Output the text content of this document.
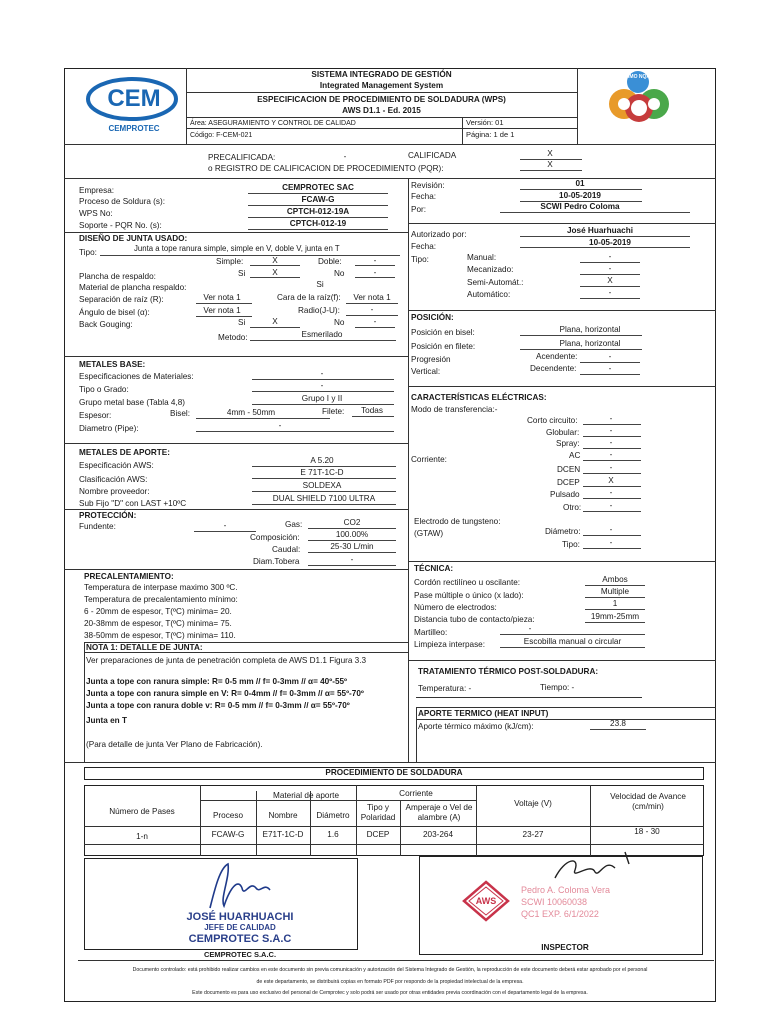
CEM
CEMPROTEC
SISTEMA INTEGRADO DE GESTIÓN
Integrated Management System
ESPECIFICACION DE PROCEDIMIENTO DE SOLDADURA (WPS)
AWS D1.1 - Ed. 2015
Área: ASEGURAMIENTO Y CONTROL DE CALIDAD
Código: F-CEM-021
Versión: 01
Página: 1 de 1
IMO NQA
PRECALIFICADA:	-	CALIFICADA	X
o REGISTRO DE CALIFICACION DE PROCEDIMIENTO (PQR):	X
Empresa:	CEMPROTEC SAC
Proceso de Soldura (s):	FCAW-G
WPS No:	CPTCH-012-19A
Soporte - PQR No. (s):	CPTCH-012-19
Revisión:	01
Fecha:	10-05-2019
Por:	SCWI Pedro Coloma
Autorizado por:	José Huarhuachi
Fecha:	10-05-2019
DISEÑO DE JUNTA USADO:
Tipo:	Junta a tope ranura simple, simple en V, doble V, junta en T
Simple:	X	Doble:	-
Plancha de respaldo:	Si	X	No	-
Material de plancha respaldo:	Si
Separación de raíz (R):	Ver nota 1	Cara de la raíz(f):	Ver nota 1
Ángulo de bisel (α):	Ver nota 1	Radio(J-U):	-
Back Gouging:	Si	X	No	-
Metodo:	Esmerilado
Tipo:	Manual:	-
Mecanizado:	-
Semi-Automát.:	X
Automático:	-
POSICIÓN:
Posición en bisel:	Plana, horizontal
Posición en filete:	Plana, horizontal
Progresión	Acendente:	-
Vertical:	Decendente:	-
METALES BASE:
Especificaciones de Materiales:	-
Tipo o Grado:	-
Grupo metal base (Tabla 4,8)	Grupo I y II
Espesor:	Bisel:	4mm - 50mm	Filete:	Todas
Diametro (Pipe):	-
CARACTERÍSTICAS ELÉCTRICAS:
Modo de transferencia:-
Corto circuito:	-
Globular:	-
Spray:	-
Corriente:	AC	-
DCEN	-
DCEP	X
Pulsado	-
Otro:	-
Electrodo de tungsteno:
(GTAW)	Diámetro:	-
Tipo:	-
METALES DE APORTE:
Especificación AWS:
A 5.20
Clasificación AWS:
E 71T-1C-D
Nombre proveedor:
SOLDEXA
Sub Fijo "D" con LAST +10ºC
DUAL SHIELD 7100 ULTRA
PROTECCIÓN:
Fundente:	-	Gas:	CO2
Composición:	100.00%
Caudal:	25-30 L/min
Diam.Tobera	-
TÉCNICA:
Cordón rectilíneo u oscilante:	Ambos
Pase múltiple o único (x lado):	Multiple
Número de electrodos:	1
Distancia tubo de contacto/pieza:	19mm-25mm
Martilleo:	-
Limpieza interpase:	Escobilla manual o circular
PRECALENTAMIENTO:
Temperatura de interpase maximo 300 ºC.
Temperatura de precalentamiento mínimo:
6 - 20mm de espesor, T(ºC) minima= 20.
20-38mm de espesor, T(ºC) minima= 75.
38-50mm de espesor, T(ºC) minima= 110.
NOTA 1: DETALLE DE JUNTA:
Ver preparaciones de junta de penetración completa de AWS D1.1 Figura 3.3
Junta a tope con ranura simple: R= 0-5 mm // f= 0-3mm // α= 40º-55º
Junta a tope con ranura simple en V: R= 0-4mm // f= 0-3mm // α= 55º-70º
Junta a tope con ranura doble v: R= 0-5 mm // f= 0-3mm // α= 55º-70º
Junta en T
(Para detalle de junta Ver Plano de Fabricación).
TRATAMIENTO TÉRMICO POST-SOLDADURA:
Temperatura: -	Tiempo: -
APORTE TERMICO (HEAT INPUT)
Aporte térmico máximo (kJ/cm):	23.8
PROCEDIMIENTO DE SOLDADURA
Número de Pases
Material de aporte
Proceso	Nombre	Diámetro
Corriente
Tipo y Polaridad
Amperaje o Vel de alambre (A)
Voltaje (V)
Velocidad de Avance (cm/min)
1-n	FCAW-G	E71T-1C-D	1.6	DCEP	203-264	23-27	18 - 30
JOSÉ HUARHUACHI
JEFE DE CALIDAD
CEMPROTEC S.A.C
CEMPROTEC S.A.C.
AWS
Pedro A. Coloma Vera
SCWI 10060038
QC1 EXP. 6/1/2022
INSPECTOR
Documento controlado: está prohibido realizar cambios en este documento sin previa comunicación y autorización del Sistema Integrado de Gestión, la reproducción de este documento deberá estar aprobado por el personal
de este departamento, se distribuirá copias en formato PDF por respondo de la propiedad intelectual de la empresa.
Este documento es para uso exclusivo del personal de Cemprotec y solo podrá ser usado por otras entidades previa coordinación con el departamento legal de la empresa.
